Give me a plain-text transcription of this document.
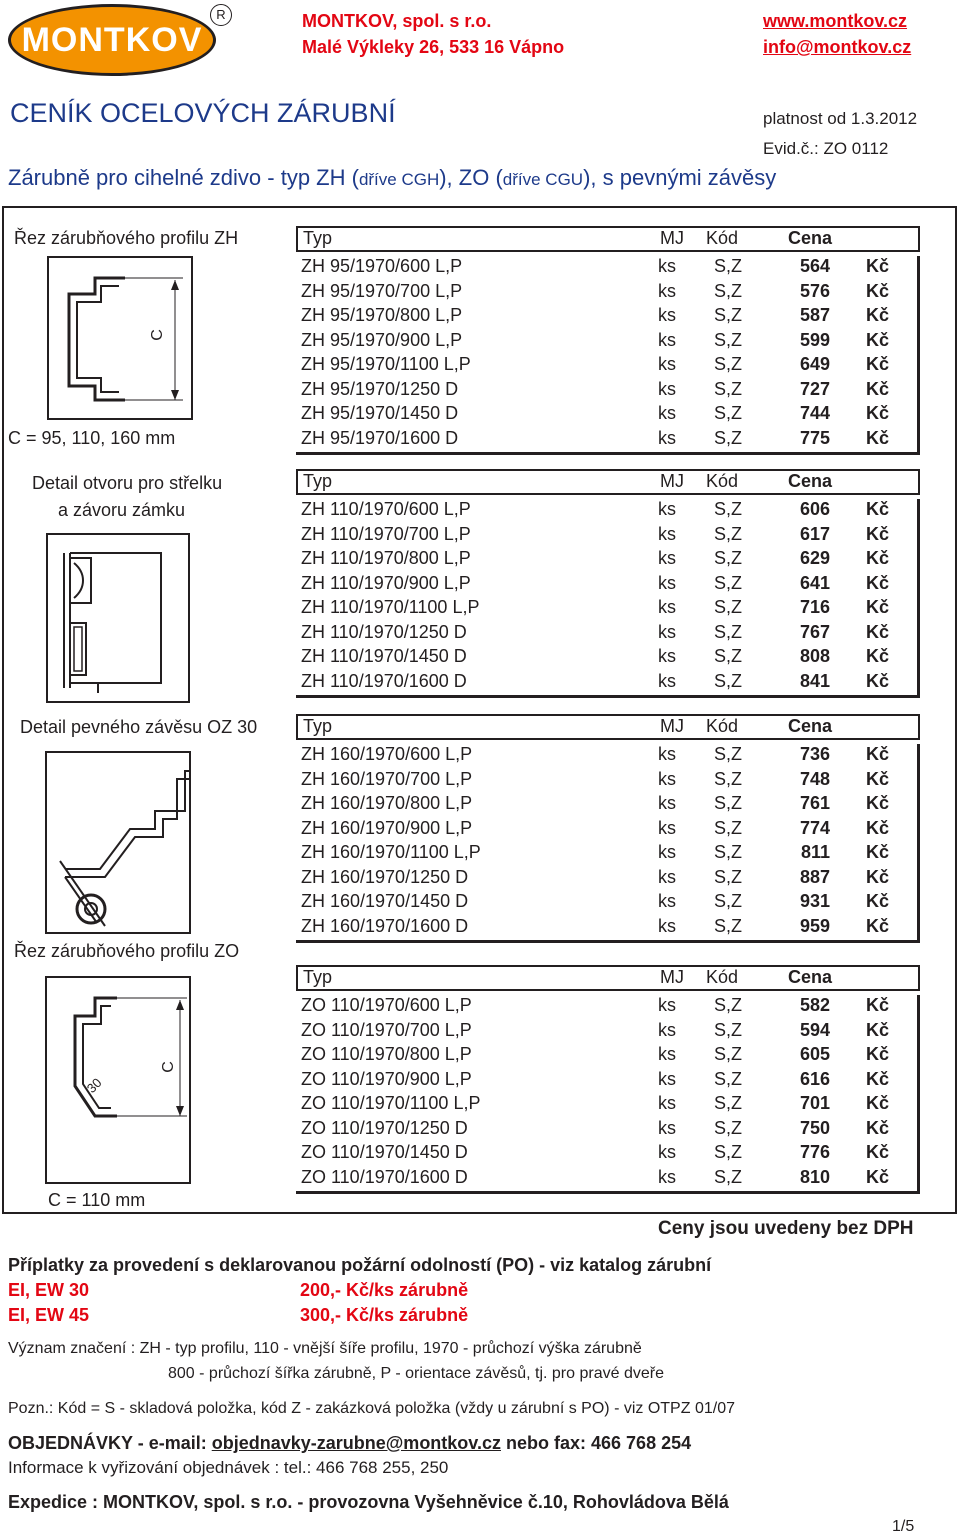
MONTKOV
R	MONTKOV, spol. s r.o.
Malé Výkleky 26, 533 16 Vápno
www.montkov.cz
info@montkov.cz
CENÍK OCELOVÝCH ZÁRUBNÍ	platnost od 1.3.2012
Evid.č.: ZO 0112
Zárubně pro cihelné zdivo - typ ZH (dříve CGH), ZO (dříve CGU), s pevnými závěsy
Řez zárubňového profilu ZH
C
C = 95, 110, 160 mm
Detail otvoru pro střelku
a závoru zámku
Detail pevného závěsu OZ 30
Řez zárubňového profilu ZO
C
30
C = 110 mm
Typ	MJ Kód	Cena
ZH 95/1970/600 L,P	ks S,Z	564 Kč
ZH 95/1970/700 L,P	ks S,Z	576 Kč
ZH 95/1970/800 L,P	ks S,Z	587 Kč
ZH 95/1970/900 L,P	ks S,Z	599 Kč
ZH 95/1970/1100 L,P	ks S,Z	649 Kč
ZH 95/1970/1250 D	ks S,Z	727 Kč
ZH 95/1970/1450 D	ks S,Z	744 Kč
ZH 95/1970/1600 D	ks S,Z	775 Kč
Typ	MJ Kód	Cena
ZH 110/1970/600 L,P	ks S,Z	606 Kč
ZH 110/1970/700 L,P	ks S,Z	617 Kč
ZH 110/1970/800 L,P	ks S,Z	629 Kč
ZH 110/1970/900 L,P	ks S,Z	641 Kč
ZH 110/1970/1100 L,P	ks S,Z	716 Kč
ZH 110/1970/1250 D	ks S,Z	767 Kč
ZH 110/1970/1450 D	ks S,Z	808 Kč
ZH 110/1970/1600 D	ks S,Z	841 Kč
Typ	MJ Kód	Cena
ZH 160/1970/600 L,P	ks S,Z	736 Kč
ZH 160/1970/700 L,P	ks S,Z	748 Kč
ZH 160/1970/800 L,P	ks S,Z	761 Kč
ZH 160/1970/900 L,P	ks S,Z	774 Kč
ZH 160/1970/1100 L,P	ks S,Z	811 Kč
ZH 160/1970/1250 D	ks S,Z	887 Kč
ZH 160/1970/1450 D	ks S,Z	931 Kč
ZH 160/1970/1600 D	ks S,Z	959 Kč
Typ	MJ Kód	Cena
ZO 110/1970/600 L,P	ks S,Z	582 Kč
ZO 110/1970/700 L,P	ks S,Z	594 Kč
ZO 110/1970/800 L,P	ks S,Z	605 Kč
ZO 110/1970/900 L,P	ks S,Z	616 Kč
ZO 110/1970/1100 L,P	ks S,Z	701 Kč
ZO 110/1970/1250 D	ks S,Z	750 Kč
ZO 110/1970/1450 D	ks S,Z	776 Kč
ZO 110/1970/1600 D	ks S,Z	810 Kč
Ceny jsou uvedeny bez DPH
Příplatky za provedení s deklarovanou požární odolností (PO) - viz katalog zárubní
EI, EW 30	200,- Kč/ks zárubně
EI, EW 45	300,- Kč/ks zárubně
Význam značení : ZH - typ profilu, 110 - vnější šíře profilu, 1970 - průchozí výška zárubně
800 - průchozí šířka zárubně, P - orientace závěsů, tj. pro pravé dveře
Pozn.: Kód = S - skladová položka, kód Z - zakázková položka (vždy u zárubní s PO) - viz OTPZ 01/07
OBJEDNÁVKY - e-mail: objednavky-zarubne@montkov.cz nebo fax: 466 768 254
Informace k vyřizování objednávek : tel.: 466 768 255, 250
Expedice : MONTKOV, spol. s r.o. - provozovna Vyšehněvice č.10, Rohovládova Bělá
1/5
